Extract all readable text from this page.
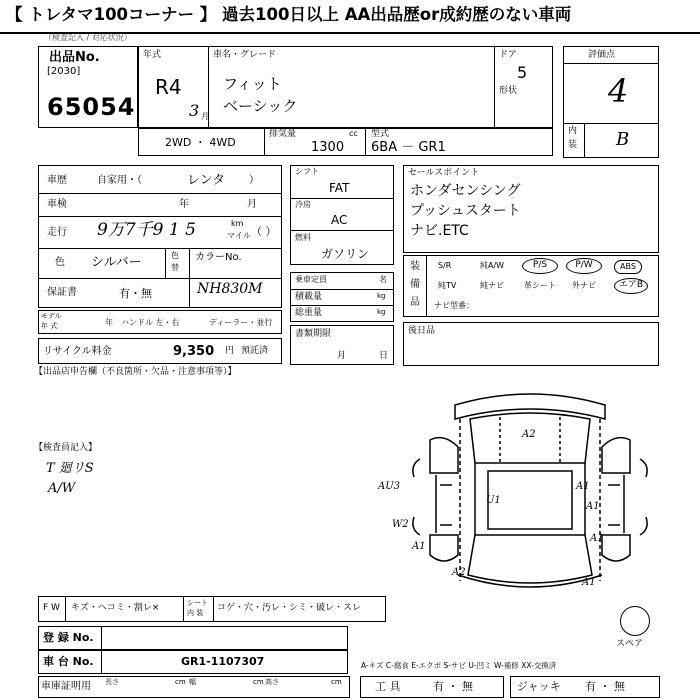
【 トレタマ100コーナー 】 過去100日以上 AA出品歴or成約歴のない車両
（検査記入 / 対応状況）
出品No.
[2030]
65054
年式
R4
3 月
車名・グレード
フィット
ベーシック
ドア
5
形状
評価点
4
内
装 B
2WD ・ 4WD
排気量	cc
1300
型式
6BA － GR1
車歴	自家用・（	レンタ ）
車検	年	月
走行 9万7千9 1 5	km
マイル （ ）
色 シルバー	色
替
カラーNo.
NH830M
保証書	有・無
モデル
年 式	年 ハンドル 左・右	ディーラー・並行
リサイクル料金	9,350 円 預託済
シフト
FAT
冷房
AC
燃料
ガソリン
乗車定員	名
積載量	kg
総重量	kg
書類期限
月	日
セールスポイント
ホンダセンシング
プッシュスタート
ナビ.ETC
装
備
品
S/R	純A/W	P/S	P/W	ABS
純TV	純ナビ	革シート 外ナビ	エアB
ナビ型番：
後日品
【出品店申告欄（不良箇所・欠品・注意事項等）】
【検査員記入】
T 廻リS
A/W
A2
AU3	A1
A1
U1
W2
A1
A2
A1
A1
F W キズ・ヘコミ・割レ×	シート
内 装 コゲ・穴・汚レ・シミ・破レ・スレ
登 録 No.
車 台 No.	GR1-1107307
スペア
A-キズ C-腐食 E-エクボ S-サビ U-凹ミ W-補修 XX-交換済
車庫証明用 長さ	cm 幅	cm 高さ	cm	工 具	有 ・ 無	ジャッキ 有 ・ 無
